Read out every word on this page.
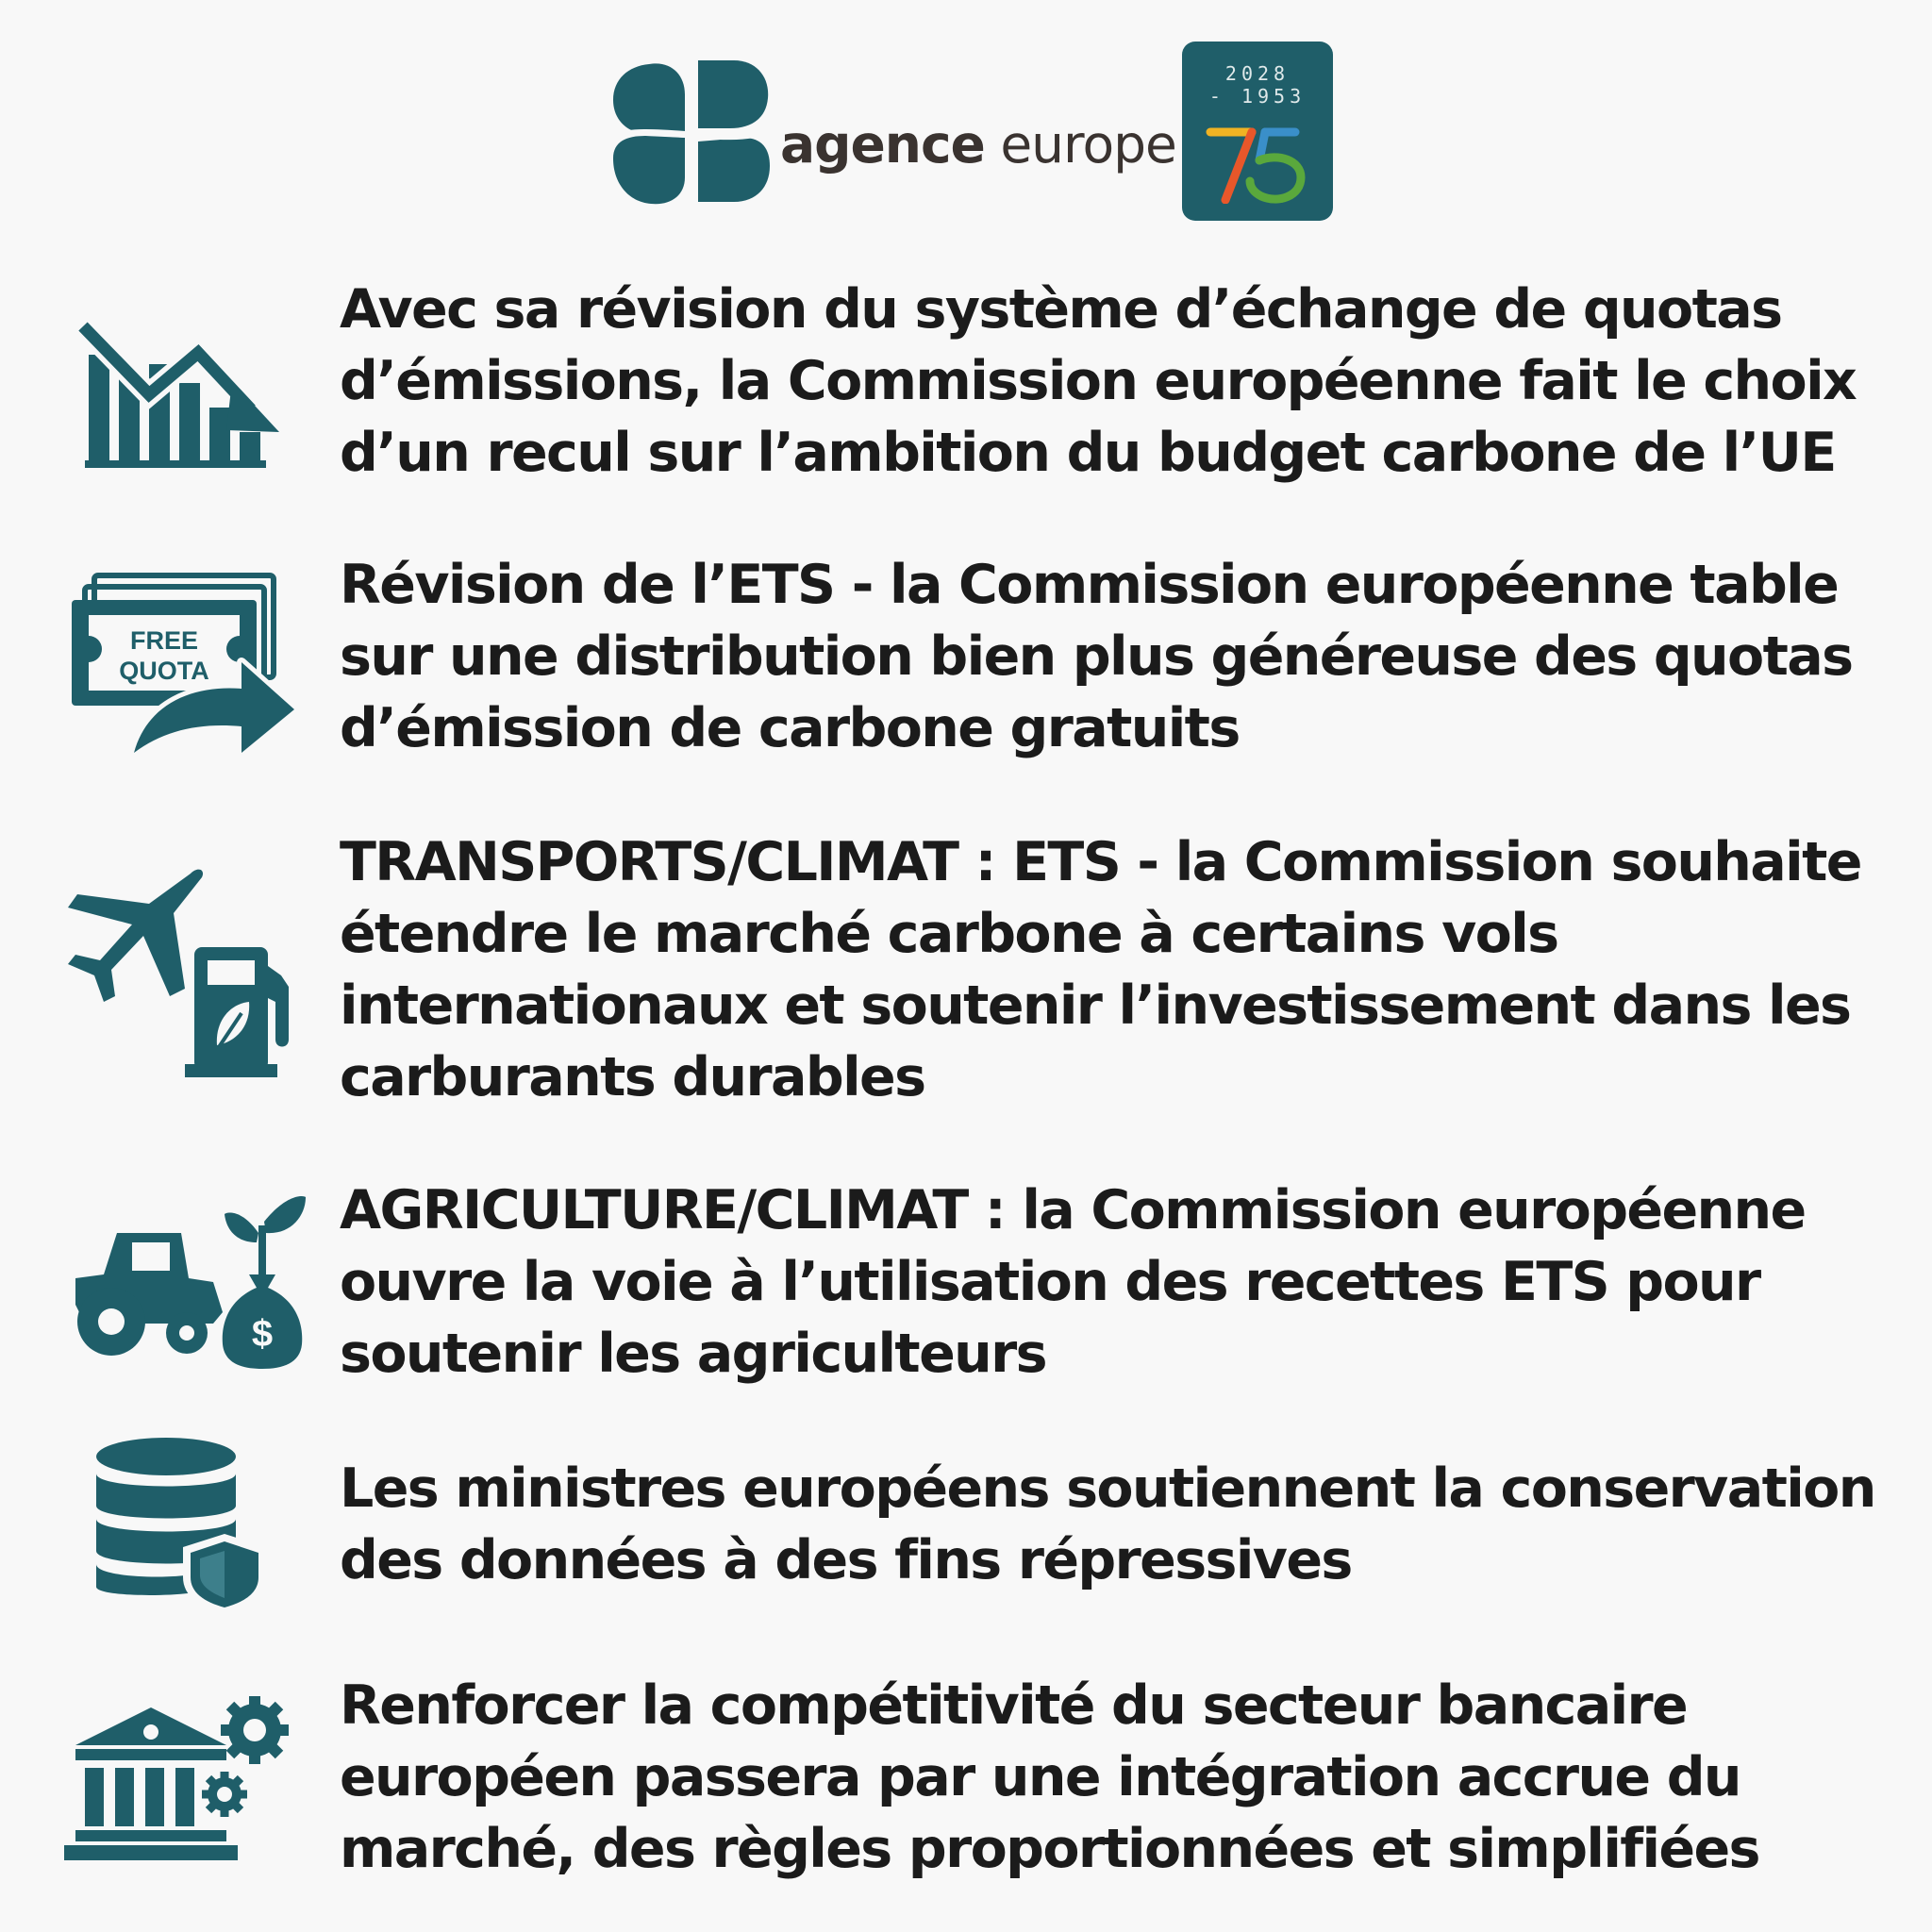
agence europe
2028
- 1953

Avec sa révision du système d’échange de quotas d’émissions, la Commission européenne fait le choix d’un recul sur l’ambition du budget carbone de l’UE

FREE
QUOTA

Révision de l’ETS - la Commission européenne table sur une distribution bien plus généreuse des quotas d’émission de carbone gratuits

TRANSPORTS/CLIMAT : ETS - la Commission souhaite étendre le marché carbone à certains vols internationaux et soutenir l’investissement dans les carburants durables

$

AGRICULTURE/CLIMAT : la Commission européenne ouvre la voie à l’utilisation des recettes ETS pour soutenir les agriculteurs

Les ministres européens soutiennent la conservation des données à des fins répressives

Renforcer la compétitivité du secteur bancaire européen passera par une intégration accrue du marché, des règles proportionnées et simplifiées
